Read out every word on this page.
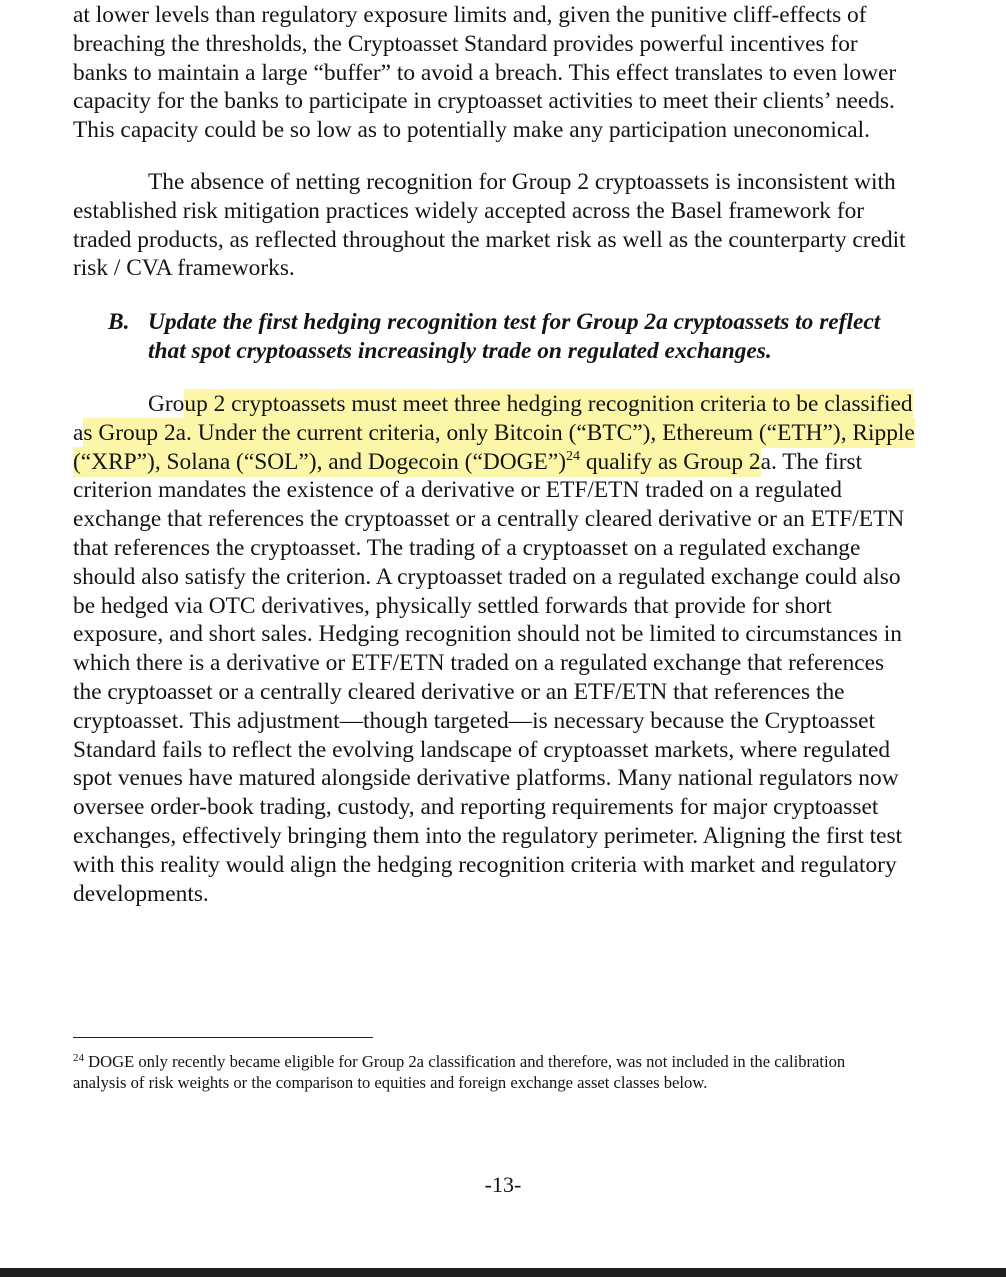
at lower levels than regulatory exposure limits and, given the punitive cliff-effects of
breaching the thresholds, the Cryptoasset Standard provides powerful incentives for
banks to maintain a large “buffer” to avoid a breach. This effect translates to even lower
capacity for the banks to participate in cryptoasset activities to meet their clients’ needs.
This capacity could be so low as to potentially make any participation uneconomical.
The absence of netting recognition for Group 2 cryptoassets is inconsistent with
established risk mitigation practices widely accepted across the Basel framework for
traded products, as reflected throughout the market risk as well as the counterparty credit
risk / CVA frameworks.
B. Update the first hedging recognition test for Group 2a cryptoassets to reflect
that spot cryptoassets increasingly trade on regulated exchanges.
Group 2 cryptoassets must meet three hedging recognition criteria to be classified
as Group 2a. Under the current criteria, only Bitcoin (“BTC”), Ethereum (“ETH”), Ripple
(“XRP”), Solana (“SOL”), and Dogecoin (“DOGE”)$^{24}$ qualify as Group 2a. The first
criterion mandates the existence of a derivative or ETF/ETN traded on a regulated
exchange that references the cryptoasset or a centrally cleared derivative or an ETF/ETN
that references the cryptoasset. The trading of a cryptoasset on a regulated exchange
should also satisfy the criterion. A cryptoasset traded on a regulated exchange could also
be hedged via OTC derivatives, physically settled forwards that provide for short
exposure, and short sales. Hedging recognition should not be limited to circumstances in
which there is a derivative or ETF/ETN traded on a regulated exchange that references
the cryptoasset or a centrally cleared derivative or an ETF/ETN that references the
cryptoasset. This adjustment—though targeted—is necessary because the Cryptoasset
Standard fails to reflect the evolving landscape of cryptoasset markets, where regulated
spot venues have matured alongside derivative platforms. Many national regulators now
oversee order-book trading, custody, and reporting requirements for major cryptoasset
exchanges, effectively bringing them into the regulatory perimeter. Aligning the first test
with this reality would align the hedging recognition criteria with market and regulatory
developments.
$^{24}$ DOGE only recently became eligible for Group 2a classification and therefore, was not included in the calibration
analysis of risk weights or the comparison to equities and foreign exchange asset classes below.
-13-
